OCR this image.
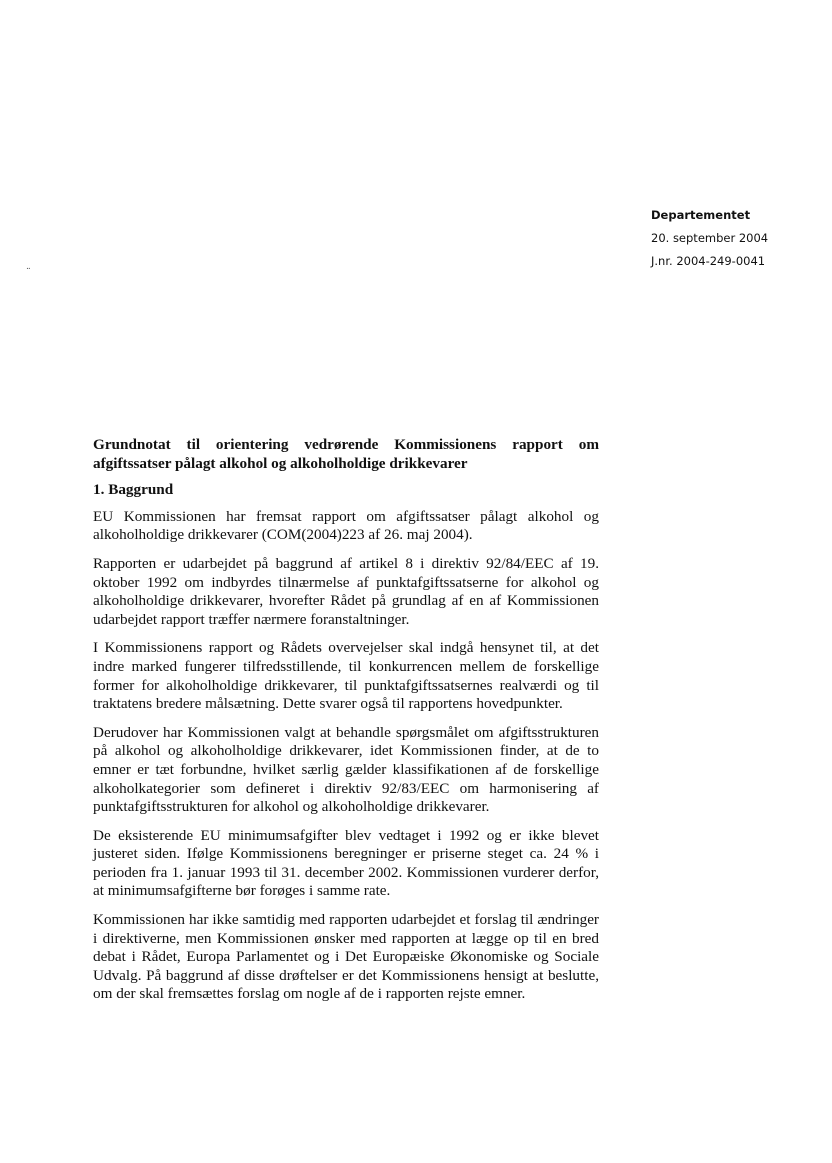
..
Departementet
20. september 2004
J.nr. 2004-249-0041
Grundnotat til orientering vedrørende Kommissionens rapport om afgiftssatser pålagt alkohol og alkoholholdige drikkevarer
1. Baggrund

EU Kommissionen har fremsat rapport om afgiftssatser pålagt alkohol og alkoholholdige drikkevarer (COM(2004)223 af 26. maj 2004).

Rapporten er udarbejdet på baggrund af artikel 8 i direktiv 92/84/EEC af 19. oktober 1992 om indbyrdes tilnærmelse af punktafgiftssatserne for alkohol og alkoholholdige drikkevarer, hvorefter Rådet på grundlag af en af Kommissionen udarbejdet rapport træffer nærmere foranstaltninger.

I Kommissionens rapport og Rådets overvejelser skal indgå hensynet til, at det indre marked fungerer tilfredsstillende, til konkurrencen mellem de forskellige former for alkoholholdige drikkevarer, til punktafgiftssatsernes realværdi og til traktatens bredere målsætning. Dette svarer også til rapportens hovedpunkter.

Derudover har Kommissionen valgt at behandle spørgsmålet om afgiftsstrukturen på alkohol og alkoholholdige drikkevarer, idet Kommissionen finder, at de to emner er tæt forbundne, hvilket særlig gælder klassifikationen af de forskellige alkoholkategorier som defineret i direktiv 92/83/EEC om harmonisering af punktafgiftsstrukturen for alkohol og alkoholholdige drikkevarer.

De eksisterende EU minimumsafgifter blev vedtaget i 1992 og er ikke blevet justeret siden. Ifølge Kommissionens beregninger er priserne steget ca. 24 % i perioden fra 1. januar 1993 til 31. december 2002. Kommissionen vurderer derfor, at minimumsafgifterne bør forøges i samme rate.

Kommissionen har ikke samtidig med rapporten udarbejdet et forslag til ændringer i direktiverne, men Kommissionen ønsker med rapporten at lægge op til en bred debat i Rådet, Europa Parlamentet og i Det Europæiske Økonomiske og Sociale Udvalg. På baggrund af disse drøftelser er det Kommissionens hensigt at beslutte, om der skal fremsættes forslag om nogle af de i rapporten rejste emner.
